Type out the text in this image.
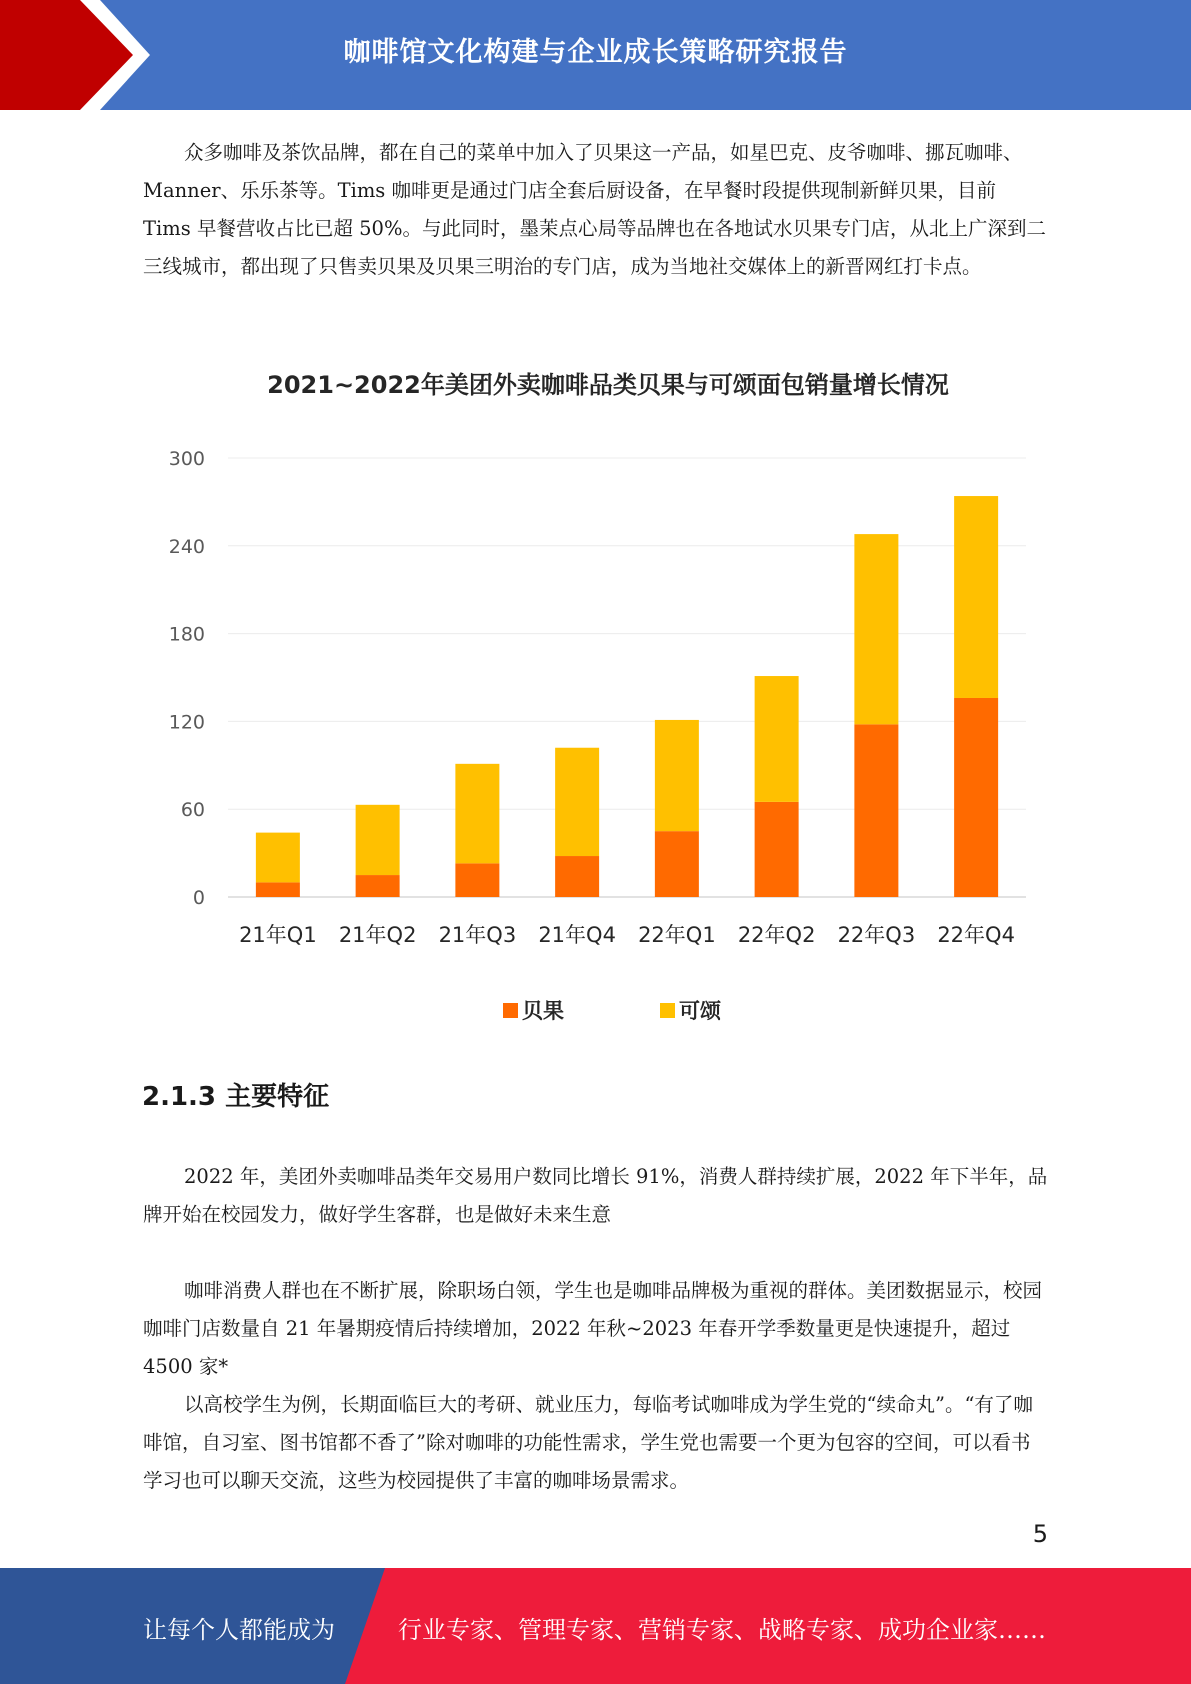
咖啡馆文化构建与企业成长策略研究报告

众多咖啡及茶饮品牌，都在自己的菜单中加入了贝果这一产品，如星巴克、皮爷咖啡、挪瓦咖啡、Manner、乐乐茶等。Tims 咖啡更是通过门店全套后厨设备，在早餐时段提供现制新鲜贝果，目前 Tims 早餐营收占比已超 50%。与此同时，墨茉点心局等品牌也在各地试水贝果专门店，从北上广深到二三线城市，都出现了只售卖贝果及贝果三明治的专门店，成为当地社交媒体上的新晋网红打卡点。

2021~2022年美团外卖咖啡品类贝果与可颂面包销量增长情况
0
60
120
180
240
300
21年Q1 21年Q2 21年Q3 21年Q4 22年Q1 22年Q2 22年Q3 22年Q4
贝果	可颂
2.1.3 主要特征

2022 年，美团外卖咖啡品类年交易用户数同比增长 91%，消费人群持续扩展，2022 年下半年，品牌开始在校园发力，做好学生客群，也是做好未来生意

咖啡消费人群也在不断扩展，除职场白领，学生也是咖啡品牌极为重视的群体。美团数据显示，校园咖啡门店数量自 21 年暑期疫情后持续增加，2022 年秋~2023 年春开学季数量更是快速提升，超过 4500 家*

以高校学生为例，长期面临巨大的考研、就业压力，每临考试咖啡成为学生党的“续命丸”。“有了咖啡馆，自习室、图书馆都不香了”除对咖啡的功能性需求，学生党也需要一个更为包容的空间，可以看书学习也可以聊天交流，这些为校园提供了丰富的咖啡场景需求。

5
让每个人都能成为	行业专家、管理专家、营销专家、战略专家、成功企业家……
